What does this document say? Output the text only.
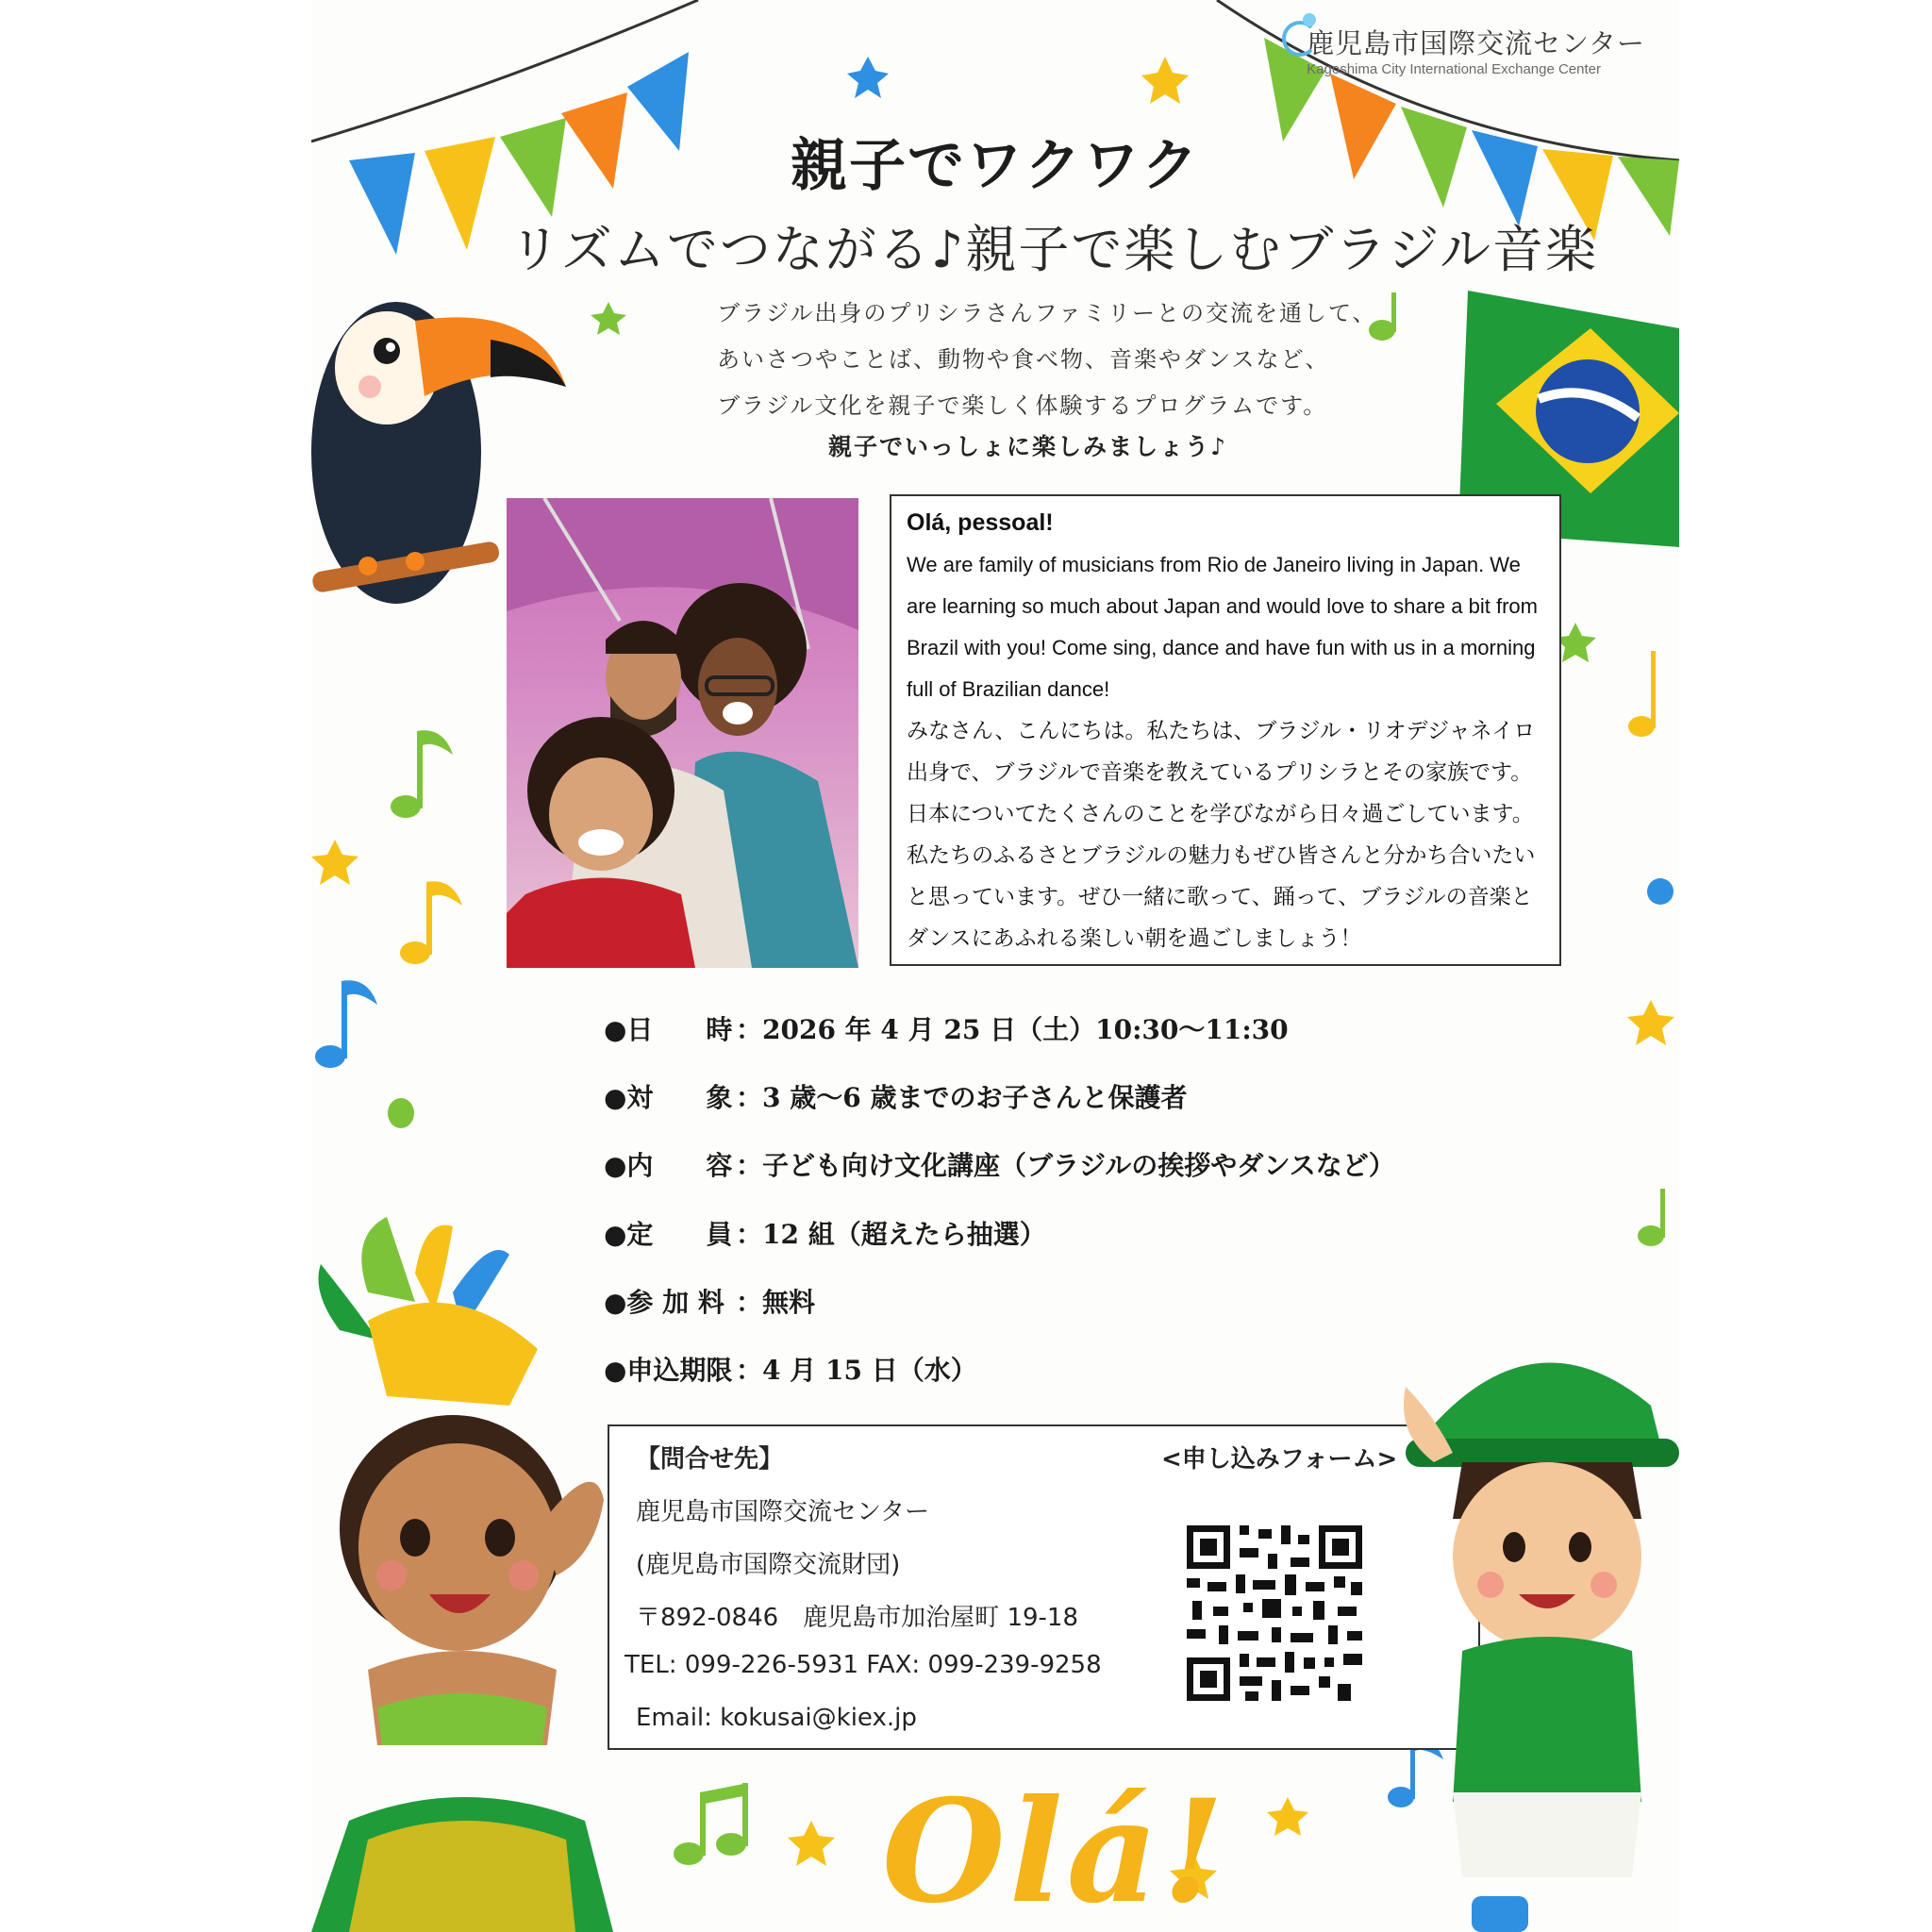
鹿児島市国際交流センター
Kagoshima City International Exchange Center
親子でワクワク
リズムでつながる♪親子で楽しむブラジル音楽
ブラジル出身のプリシラさんファミリーとの交流を通して、
あいさつやことば、動物や食べ物、音楽やダンスなど、
ブラジル文化を親子で楽しく体験するプログラムです。
親子でいっしょに楽しみましょう♪
Olá, pessoal!
We are family of musicians from Rio de Janeiro living in Japan. We are learning so much about Japan and would love to share a bit from Brazil with you! Come sing, dance and have fun with us in a morning full of Brazilian dance!
みなさん、こんにちは。私たちは、ブラジル・リオデジャネイロ出身で、ブラジルで音楽を教えているプリシラとその家族です。日本についてたくさんのことを学びながら日々過ごしています。私たちのふるさとブラジルの魅力もぜひ皆さんと分かち合いたいと思っています。ぜひ一緒に歌って、踊って、ブラジルの音楽とダンスにあふれる楽しい朝を過ごしましょう！
●日　　時 ：2026 年 4 月 25 日（土）10:30～11:30
●対　　象 ：3 歳～6 歳までのお子さんと保護者
●内　　容 ：子ども向け文化講座（ブラジルの挨拶やダンスなど）
●定　　員 ：12 組（超えたら抽選）
●参 加 料 ：無料
●申込期限 ：4 月 15 日（水）
【問合せ先】
鹿児島市国際交流センター
(鹿児島市国際交流財団)
〒892-0846　鹿児島市加治屋町 19-18
TEL: 099-226-5931 FAX: 099-239-9258
Email: kokusai@kiex.jp
<申し込みフォーム>
Olá!
